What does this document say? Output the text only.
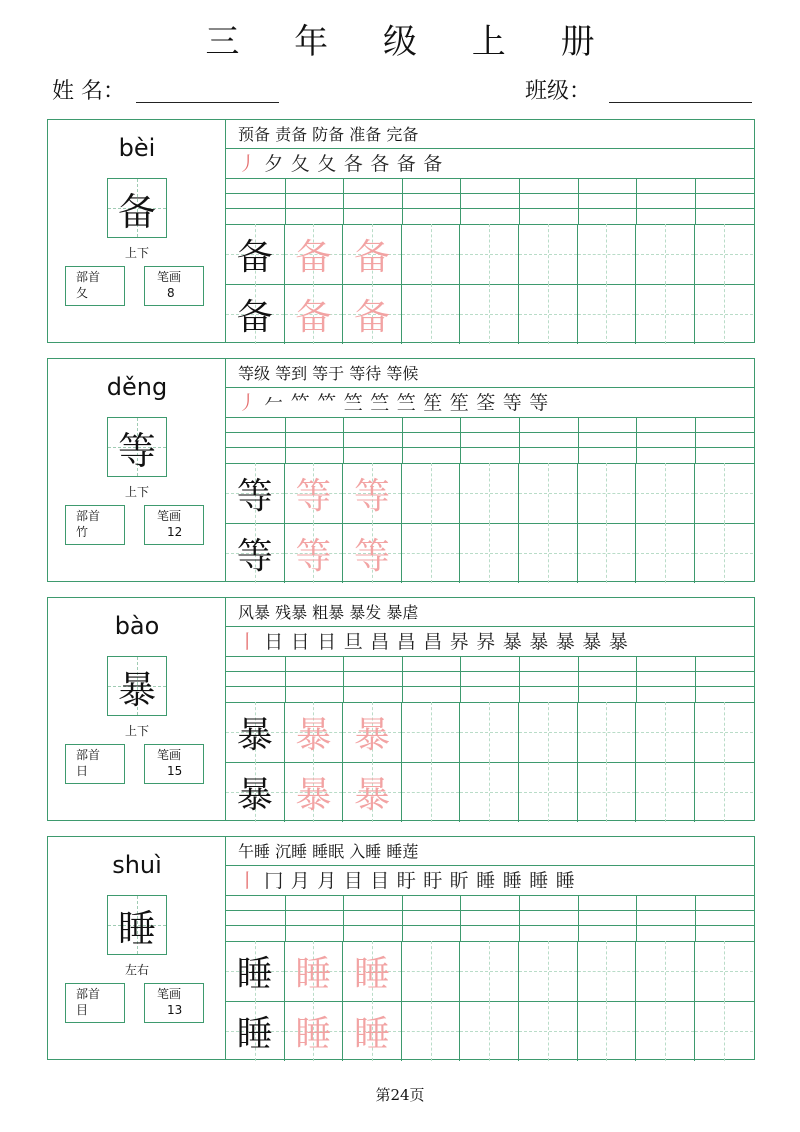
三 年 级 上 册
姓 名：	班级：
bèi
备
上下
部首
夂
笔画
8
预备 责备 防备 准备 完备
丿 夕 夂 夂 各 各 备 备
备 备 备
备 备 备
děng
等
上下
部首
竹
笔画
12
等级 等到 等于 等待 等候
丿 𠂉 𥫗 𥫗 竺 竺 竺 笙 笙 筌 等 等
等 等 等
等 等 等
bào
暴
上下
部首
日
笔画
15
风暴 残暴 粗暴 暴发 暴虐
丨 日 日 日 旦 昌 昌 昌 昦 昦 暴 暴 暴 暴 暴
暴 暴 暴
暴 暴 暴
shuì
睡
左右
部首
目
笔画
13
午睡 沉睡 睡眠 入睡 睡莲
丨 冂 月 月 目 目 盱 盱 盺 睡 睡 睡 睡
睡 睡 睡
睡 睡 睡
第24页
